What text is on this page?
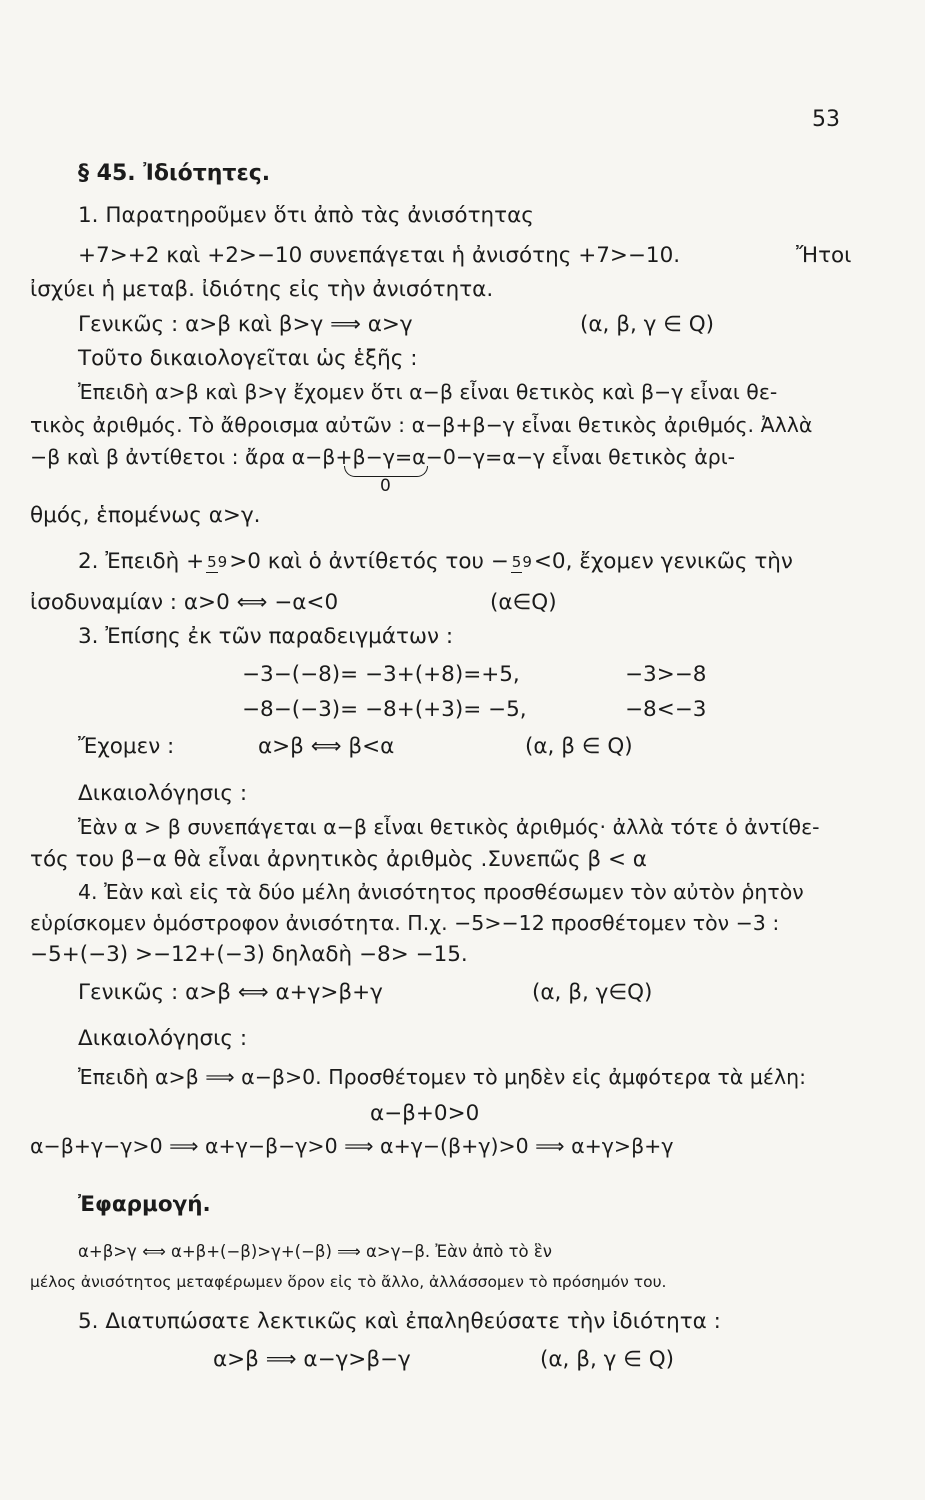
53
§ 45. Ἰδιότητες.
1. Παρατηροῦμεν ὅτι ἀπὸ τὰς ἀνισότητας
+7>+2 καὶ +2>−10 συνεπάγεται ἡ ἀνισότης +7>−10.	Ἤτοι
ἰσχύει ἡ μεταβ. ἰδιότης εἰς τὴν ἀνισότητα.
Γενικῶς : α>β καὶ β>γ ⟹ α>γ	(α, β, γ ∈ Q)
Τοῦτο δικαιολογεῖται ὡς ἑξῆς :
Ἐπειδὴ α>β καὶ β>γ ἔχομεν ὅτι α−β εἶναι θετικὸς καὶ β−γ εἶναι θε-
τικὸς ἀριθμός. Τὸ ἄθροισμα αὐτῶν : α−β+β−γ εἶναι θετικὸς ἀριθμός. Ἀλλὰ
−β καὶ β ἀντίθετοι : ἄρα α−β+β−γ=α−0−γ=α−γ εἶναι θετικὸς ἀρι-
0
θμός, ἑπομένως α>γ.
2. Ἐπειδὴ + 59 >0 καὶ ὁ ἀντίθετός του − 59 <0, ἔχομεν γενικῶς τὴν
ἰσοδυναμίαν : α>0 ⟺ −α<0	(α∈Q)
3. Ἐπίσης ἐκ τῶν παραδειγμάτων :
−3−(−8)= −3+(+8)=+5,	−3>−8
−8−(−3)= −8+(+3)= −5,	−8<−3
Ἔχομεν :	α>β ⟺ β<α	(α, β ∈ Q)
Δικαιολόγησις :
Ἐὰν α > β συνεπάγεται α−β εἶναι θετικὸς ἀριθμός· ἀλλὰ τότε ὁ ἀντίθε-
τός του β−α θὰ εἶναι ἀρνητικὸς ἀριθμὸς .Συνεπῶς β < α
4. Ἐὰν καὶ εἰς τὰ δύο μέλη ἀνισότητος προσθέσωμεν τὸν αὐτὸν ῥητὸν
εὑρίσκομεν ὁμόστροφον ἀνισότητα. Π.χ. −5>−12 προσθέτομεν τὸν −3 :
−5+(−3) >−12+(−3) δηλαδὴ −8> −15.
Γενικῶς : α>β ⟺ α+γ>β+γ	(α, β, γ∈Q)
Δικαιολόγησις :
Ἐπειδὴ α>β ⟹ α−β>0. Προσθέτομεν τὸ μηδὲν εἰς ἀμφότερα τὰ μέλη:
α−β+0>0
α−β+γ−γ>0 ⟹ α+γ−β−γ>0 ⟹ α+γ−(β+γ)>0 ⟹ α+γ>β+γ
Ἐφαρμογή.
α+β>γ ⟺ α+β+(−β)>γ+(−β) ⟹ α>γ−β. Ἐὰν ἀπὸ τὸ ἓν
μέλος ἀνισότητος μεταφέρωμεν ὅρον εἰς τὸ ἄλλο, ἀλλάσσομεν τὸ πρόσημόν του.
5. Διατυπώσατε λεκτικῶς καὶ ἐπαληθεύσατε τὴν ἰδιότητα :
α>β ⟹ α−γ>β−γ	(α, β, γ ∈ Q)
